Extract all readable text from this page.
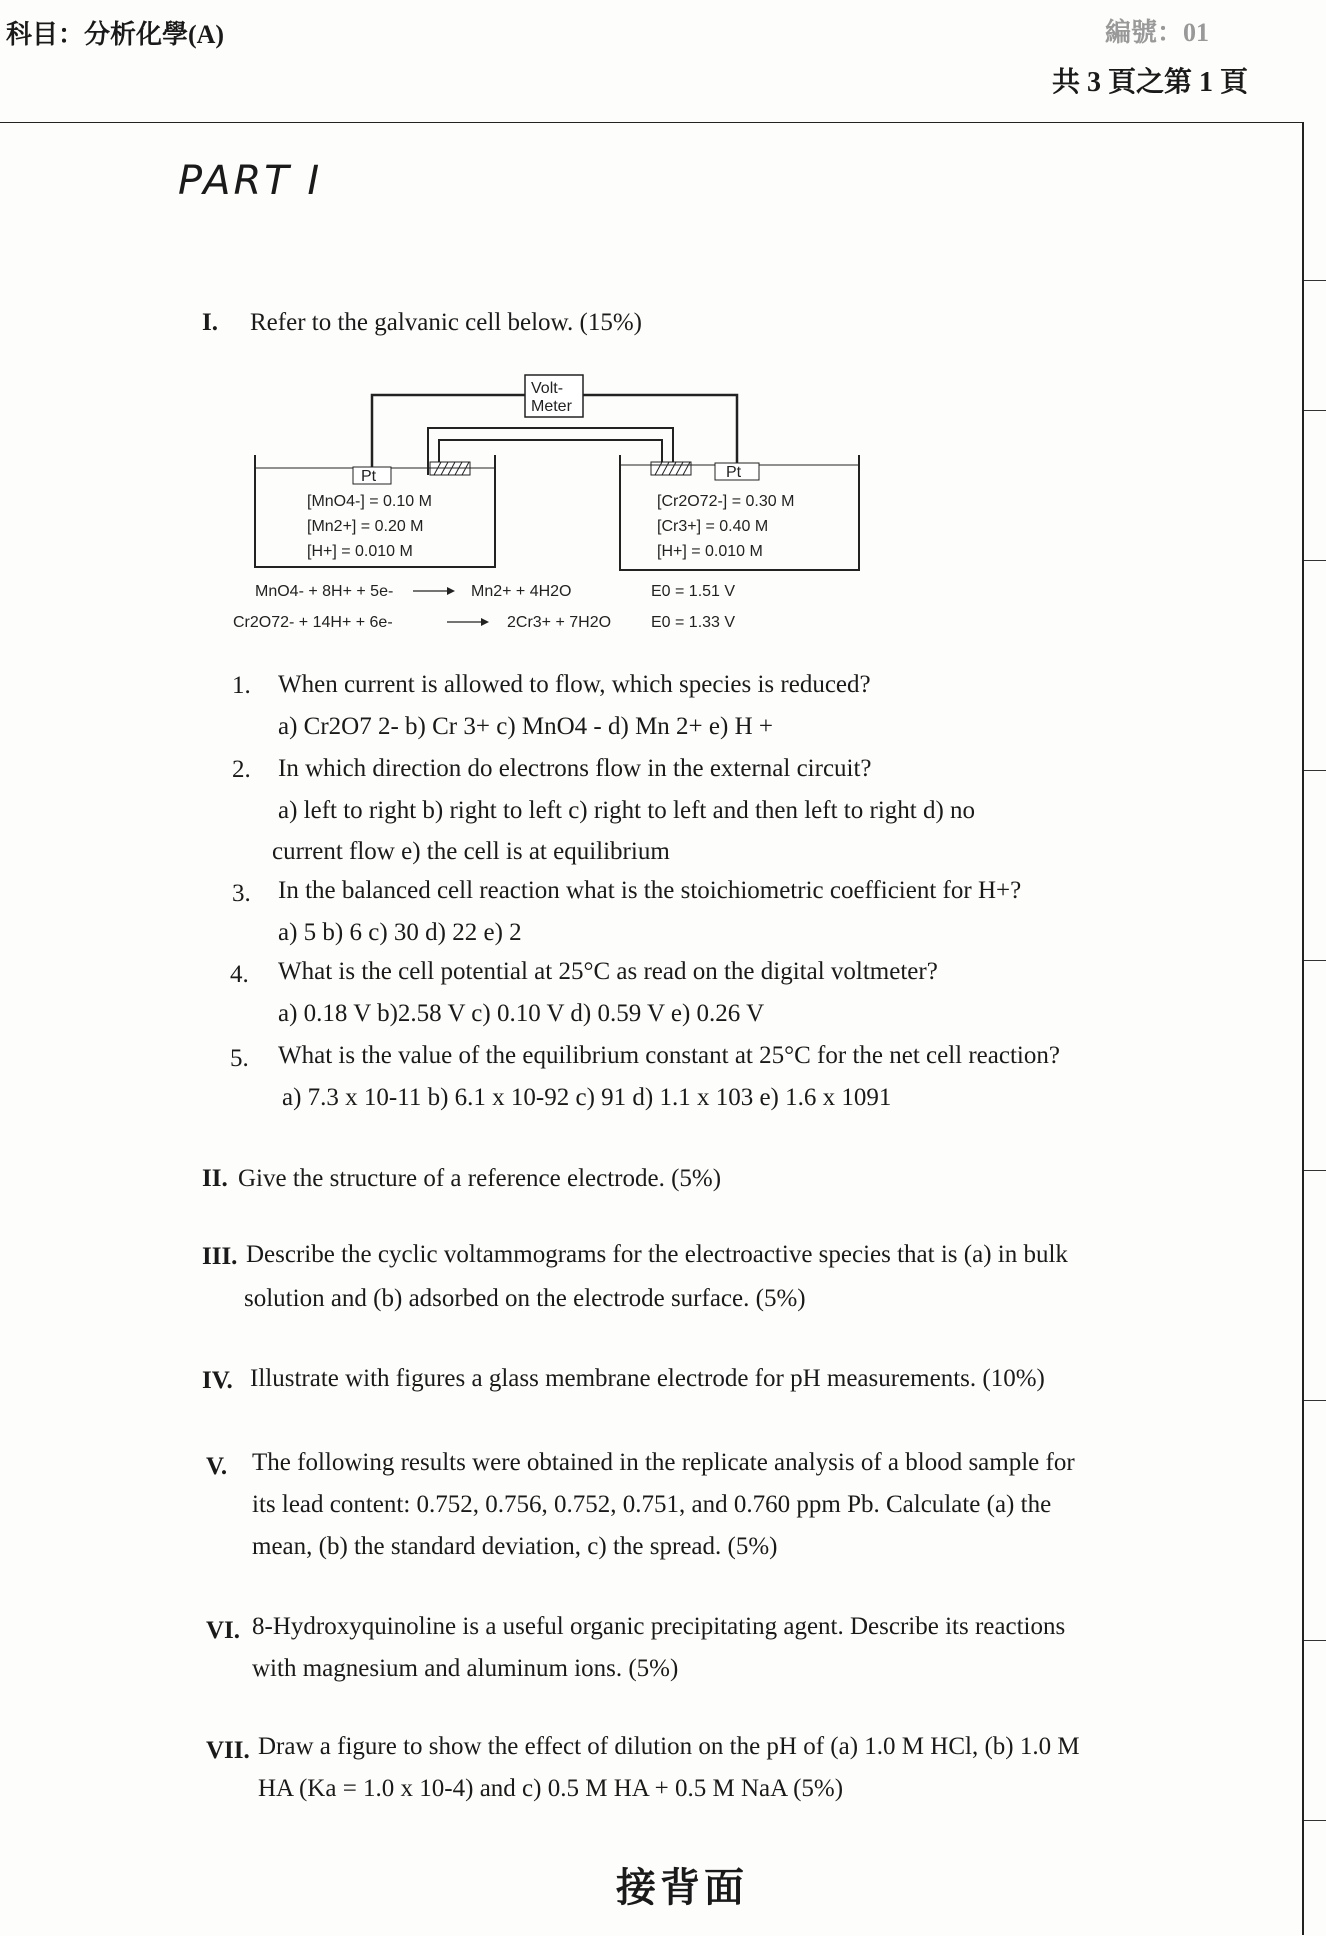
科目：分析化學(A)	編號：01
共 3 頁之第 1 頁
PART I
I. Refer to the galvanic cell below. (15%)
Volt-
Meter
Pt	Pt
[MnO4-] = 0.10 M
[Mn2+] = 0.20 M
[H+] = 0.010 M
[Cr2O72-] = 0.30 M
[Cr3+] = 0.40 M
[H+] = 0.010 M
MnO4- + 8H+ + 5e-	Mn2+ + 4H2O	E0 = 1.51 V
Cr2O72- + 14H+ + 6e-	2Cr3+ + 7H2O E0 = 1.33 V
1. When current is allowed to flow, which species is reduced?
a) Cr2O7 2- b) Cr 3+ c) MnO4 - d) Mn 2+ e) H +
2. In which direction do electrons flow in the external circuit?
a) left to right b) right to left c) right to left and then left to right d) no
current flow e) the cell is at equilibrium
3. In the balanced cell reaction what is the stoichiometric coefficient for H+?
a) 5 b) 6 c) 30 d) 22 e) 2
4. What is the cell potential at 25°C as read on the digital voltmeter?
a) 0.18 V b)2.58 V c) 0.10 V d) 0.59 V e) 0.26 V
5. What is the value of the equilibrium constant at 25°C for the net cell reaction?
a) 7.3 x 10-11 b) 6.1 x 10-92 c) 91 d) 1.1 x 103 e) 1.6 x 1091
II. Give the structure of a reference electrode. (5%)
III. Describe the cyclic voltammograms for the electroactive species that is (a) in bulk
solution and (b) adsorbed on the electrode surface. (5%)
IV. Illustrate with figures a glass membrane electrode for pH measurements. (10%)
V. The following results were obtained in the replicate analysis of a blood sample for
its lead content: 0.752, 0.756, 0.752, 0.751, and 0.760 ppm Pb. Calculate (a) the
mean, (b) the standard deviation, c) the spread. (5%)
VI. 8-Hydroxyquinoline is a useful organic precipitating agent. Describe its reactions
with magnesium and aluminum ions. (5%)
VII. Draw a figure to show the effect of dilution on the pH of (a) 1.0 M HCl, (b) 1.0 M
HA (Ka = 1.0 x 10-4) and c) 0.5 M HA + 0.5 M NaA (5%)
接背面
